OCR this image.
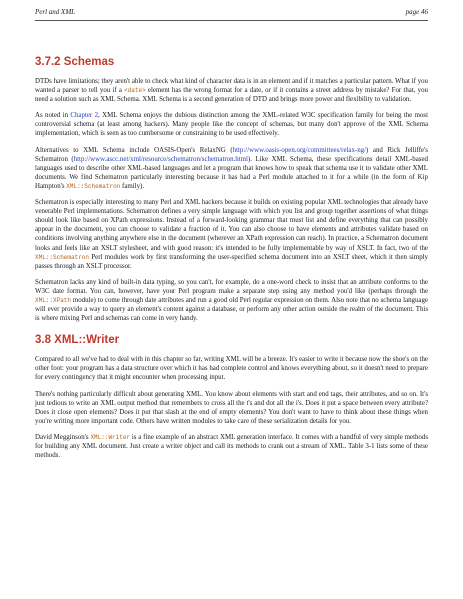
Perl and XML	page 46
3.7.2 Schemas

DTDs have limitations; they aren't able to check what kind of character data is in an element and if it matches a particular pattern. What if you wanted a parser to tell you if a <date> element has the wrong format for a date, or if it contains a street address by mistake? For that, you need a solution such as XML Schema. XML Schema is a second generation of DTD and brings more power and flexibility to validation.

As noted in Chapter 2, XML Schema enjoys the dubious distinction among the XML-related W3C specification family for being the most controversial schema (at least among hackers). Many people like the concept of schemas, but many don't approve of the XML Schema implementation, which is seen as too cumbersome or constraining to be used effectively.

Alternatives to XML Schema include OASIS-Open's RelaxNG (http://www.oasis-open.org/committees/relax-ng/) and Rick Jelliffe's Schematron (http://www.ascc.net/xml/resource/schematron/schematron.html). Like XML Schema, these specifications detail XML-based languages used to describe other XML-based languages and let a program that knows how to speak that schema use it to validate other XML documents. We find Schematron particularly interesting because it has had a Perl module attached to it for a while (in the form of Kip Hampton's XML::Schematron family).

Schematron is especially interesting to many Perl and XML hackers because it builds on existing popular XML technologies that already have venerable Perl implementations. Schematron defines a very simple language with which you list and group together assertions of what things should look like based on XPath expressions. Instead of a forward-looking grammar that must list and define everything that can possibly appear in the document, you can choose to validate a fraction of it. You can also choose to have elements and attributes validate based on conditions involving anything anywhere else in the document (wherever an XPath expression can reach). In practice, a Schematron document looks and feels like an XSLT stylesheet, and with good reason: it's intended to be fully implementable by way of XSLT. In fact, two of the XML::Schematron Perl modules work by first transforming the user-specified schema document into an XSLT sheet, which it then simply passes through an XSLT processor.

Schematron lacks any kind of built-in data typing, so you can't, for example, do a one-word check to insist that an attribute conforms to the W3C date format. You can, however, have your Perl program make a separate step using any method you'd like (perhaps through the XML::XPath module) to come through date attributes and run a good old Perl regular expression on them. Also note that no schema language will ever provide a way to query an element's content against a database, or perform any other action outside the realm of the document. This is where mixing Perl and schemas can come in very handy.

3.8 XML::Writer

Compared to all we've had to deal with in this chapter so far, writing XML will be a breeze. It's easier to write it because now the shoe's on the other foot: your program has a data structure over which it has had complete control and knows everything about, so it doesn't need to prepare for every contingency that it might encounter when processing input.

There's nothing particularly difficult about generating XML. You know about elements with start and end tags, their attributes, and so on. It's just tedious to write an XML output method that remembers to cross all the t's and dot all the i's. Does it put a space between every attribute? Does it close open elements? Does it put that slash at the end of empty elements? You don't want to have to think about these things when you're writing more important code. Others have written modules to take care of these serialization details for you.

David Megginson's XML::Writer is a fine example of an abstract XML generation interface. It comes with a handful of very simple methods for building any XML document. Just create a writer object and call its methods to crank out a stream of XML. Table 3-1 lists some of these methods.
